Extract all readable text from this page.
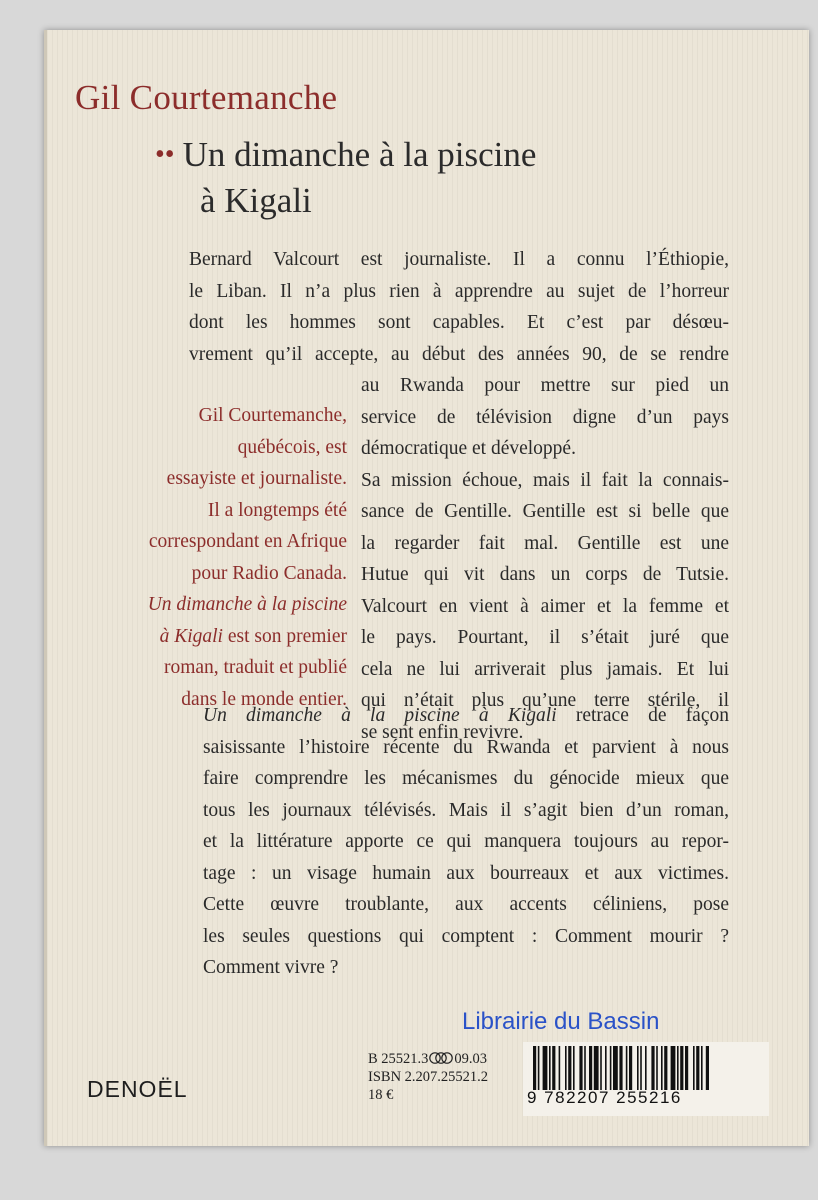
Gil Courtemanche
•• Un dimanche à la piscine
à Kigali
Bernard Valcourt est journaliste. Il a connu l’Éthiopie,
le Liban. Il n’a plus rien à apprendre au sujet de l’horreur
dont les hommes sont capables. Et c’est par désœu-
vrement qu’il accepte, au début des années 90, de se rendre
au Rwanda pour mettre sur pied un
service de télévision digne d’un pays
démocratique et développé.
Sa mission échoue, mais il fait la connais-
sance de Gentille. Gentille est si belle que
la regarder fait mal. Gentille est une
Hutue qui vit dans un corps de Tutsie.
Valcourt en vient à aimer et la femme et
le pays. Pourtant, il s’était juré que
cela ne lui arriverait plus jamais. Et lui
qui n’était plus qu’une terre stérile, il
se sent enfin revivre.
Gil Courtemanche,
québécois, est
essayiste et journaliste.
Il a longtemps été
correspondant en Afrique
pour Radio Canada.
Un dimanche à la piscine
à Kigali est son premier
roman, traduit et publié
dans le monde entier.
Un dimanche à la piscine à Kigali retrace de façon
saisissante l’histoire récente du Rwanda et parvient à nous
faire comprendre les mécanismes du génocide mieux que
tous les journaux télévisés. Mais il s’agit bien d’un roman,
et la littérature apporte ce qui manquera toujours au repor-
tage : un visage humain aux bourreaux et aux victimes.
Cette œuvre troublante, aux accents céliniens, pose
les seules questions qui comptent : Comment mourir ?
Comment vivre ?
9 782207 255216
Librairie du Bassin
B 25521.3 09.03
ISBN 2.207.25521.2
18 €
DENOËL
